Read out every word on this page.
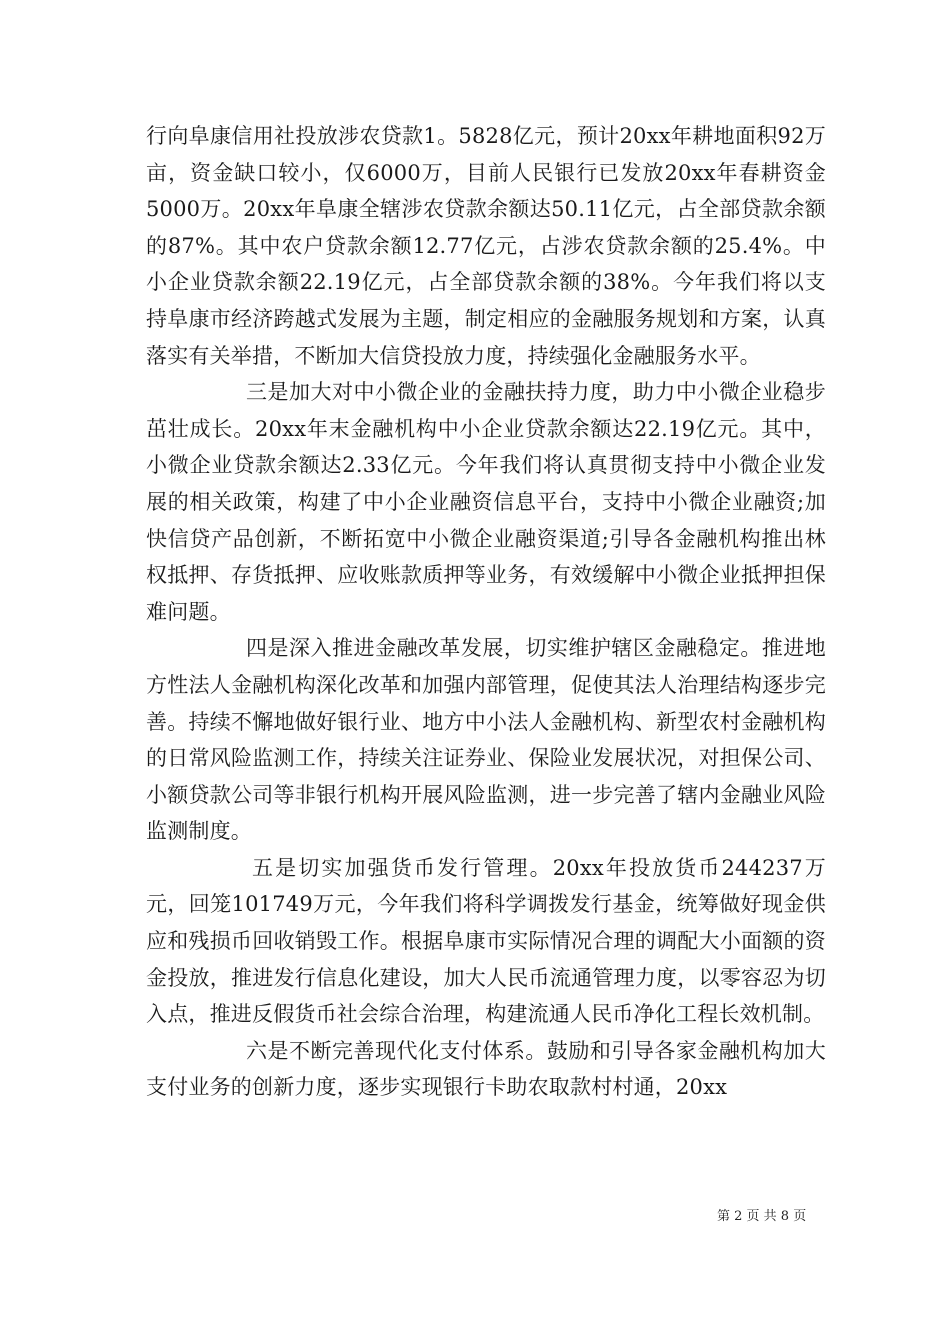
行向阜康信用社投放涉农贷款1。5828亿元，预计20xx年耕地面积92万亩，资金缺口较小，仅6000万，目前人民银行已发放20xx年春耕资金5000万。20xx年阜康全辖涉农贷款余额达50.11亿元，占全部贷款余额的87%。其中农户贷款余额12.77亿元，占涉农贷款余额的25.4%。中小企业贷款余额22.19亿元，占全部贷款余额的38%。今年我们将以支持阜康市经济跨越式发展为主题，制定相应的金融服务规划和方案，认真落实有关举措，不断加大信贷投放力度，持续强化金融服务水平。

三是加大对中小微企业的金融扶持力度，助力中小微企业稳步茁壮成长。20xx年末金融机构中小企业贷款余额达22.19亿元。其中，小微企业贷款余额达2.33亿元。今年我们将认真贯彻支持中小微企业发展的相关政策，构建了中小企业融资信息平台，支持中小微企业融资;加快信贷产品创新，不断拓宽中小微企业融资渠道;引导各金融机构推出林权抵押、存货抵押、应收账款质押等业务，有效缓解中小微企业抵押担保难问题。

四是深入推进金融改革发展，切实维护辖区金融稳定。推进地方性法人金融机构深化改革和加强内部管理，促使其法人治理结构逐步完善。持续不懈地做好银行业、地方中小法人金融机构、新型农村金融机构的日常风险监测工作，持续关注证券业、保险业发展状况，对担保公司、小额贷款公司等非银行机构开展风险监测，进一步完善了辖内金融业风险监测制度。

五是切实加强货币发行管理。20xx年投放货币244237万元，回笼101749万元，今年我们将科学调拨发行基金，统筹做好现金供应和残损币回收销毁工作。根据阜康市实际情况合理的调配大小面额的资金投放，推进发行信息化建设，加大人民币流通管理力度，以零容忍为切入点，推进反假货币社会综合治理，构建流通人民币净化工程长效机制。

六是不断完善现代化支付体系。鼓励和引导各家金融机构加大支付业务的创新力度，逐步实现银行卡助农取款村村通，20xx

第 2 页 共 8 页
